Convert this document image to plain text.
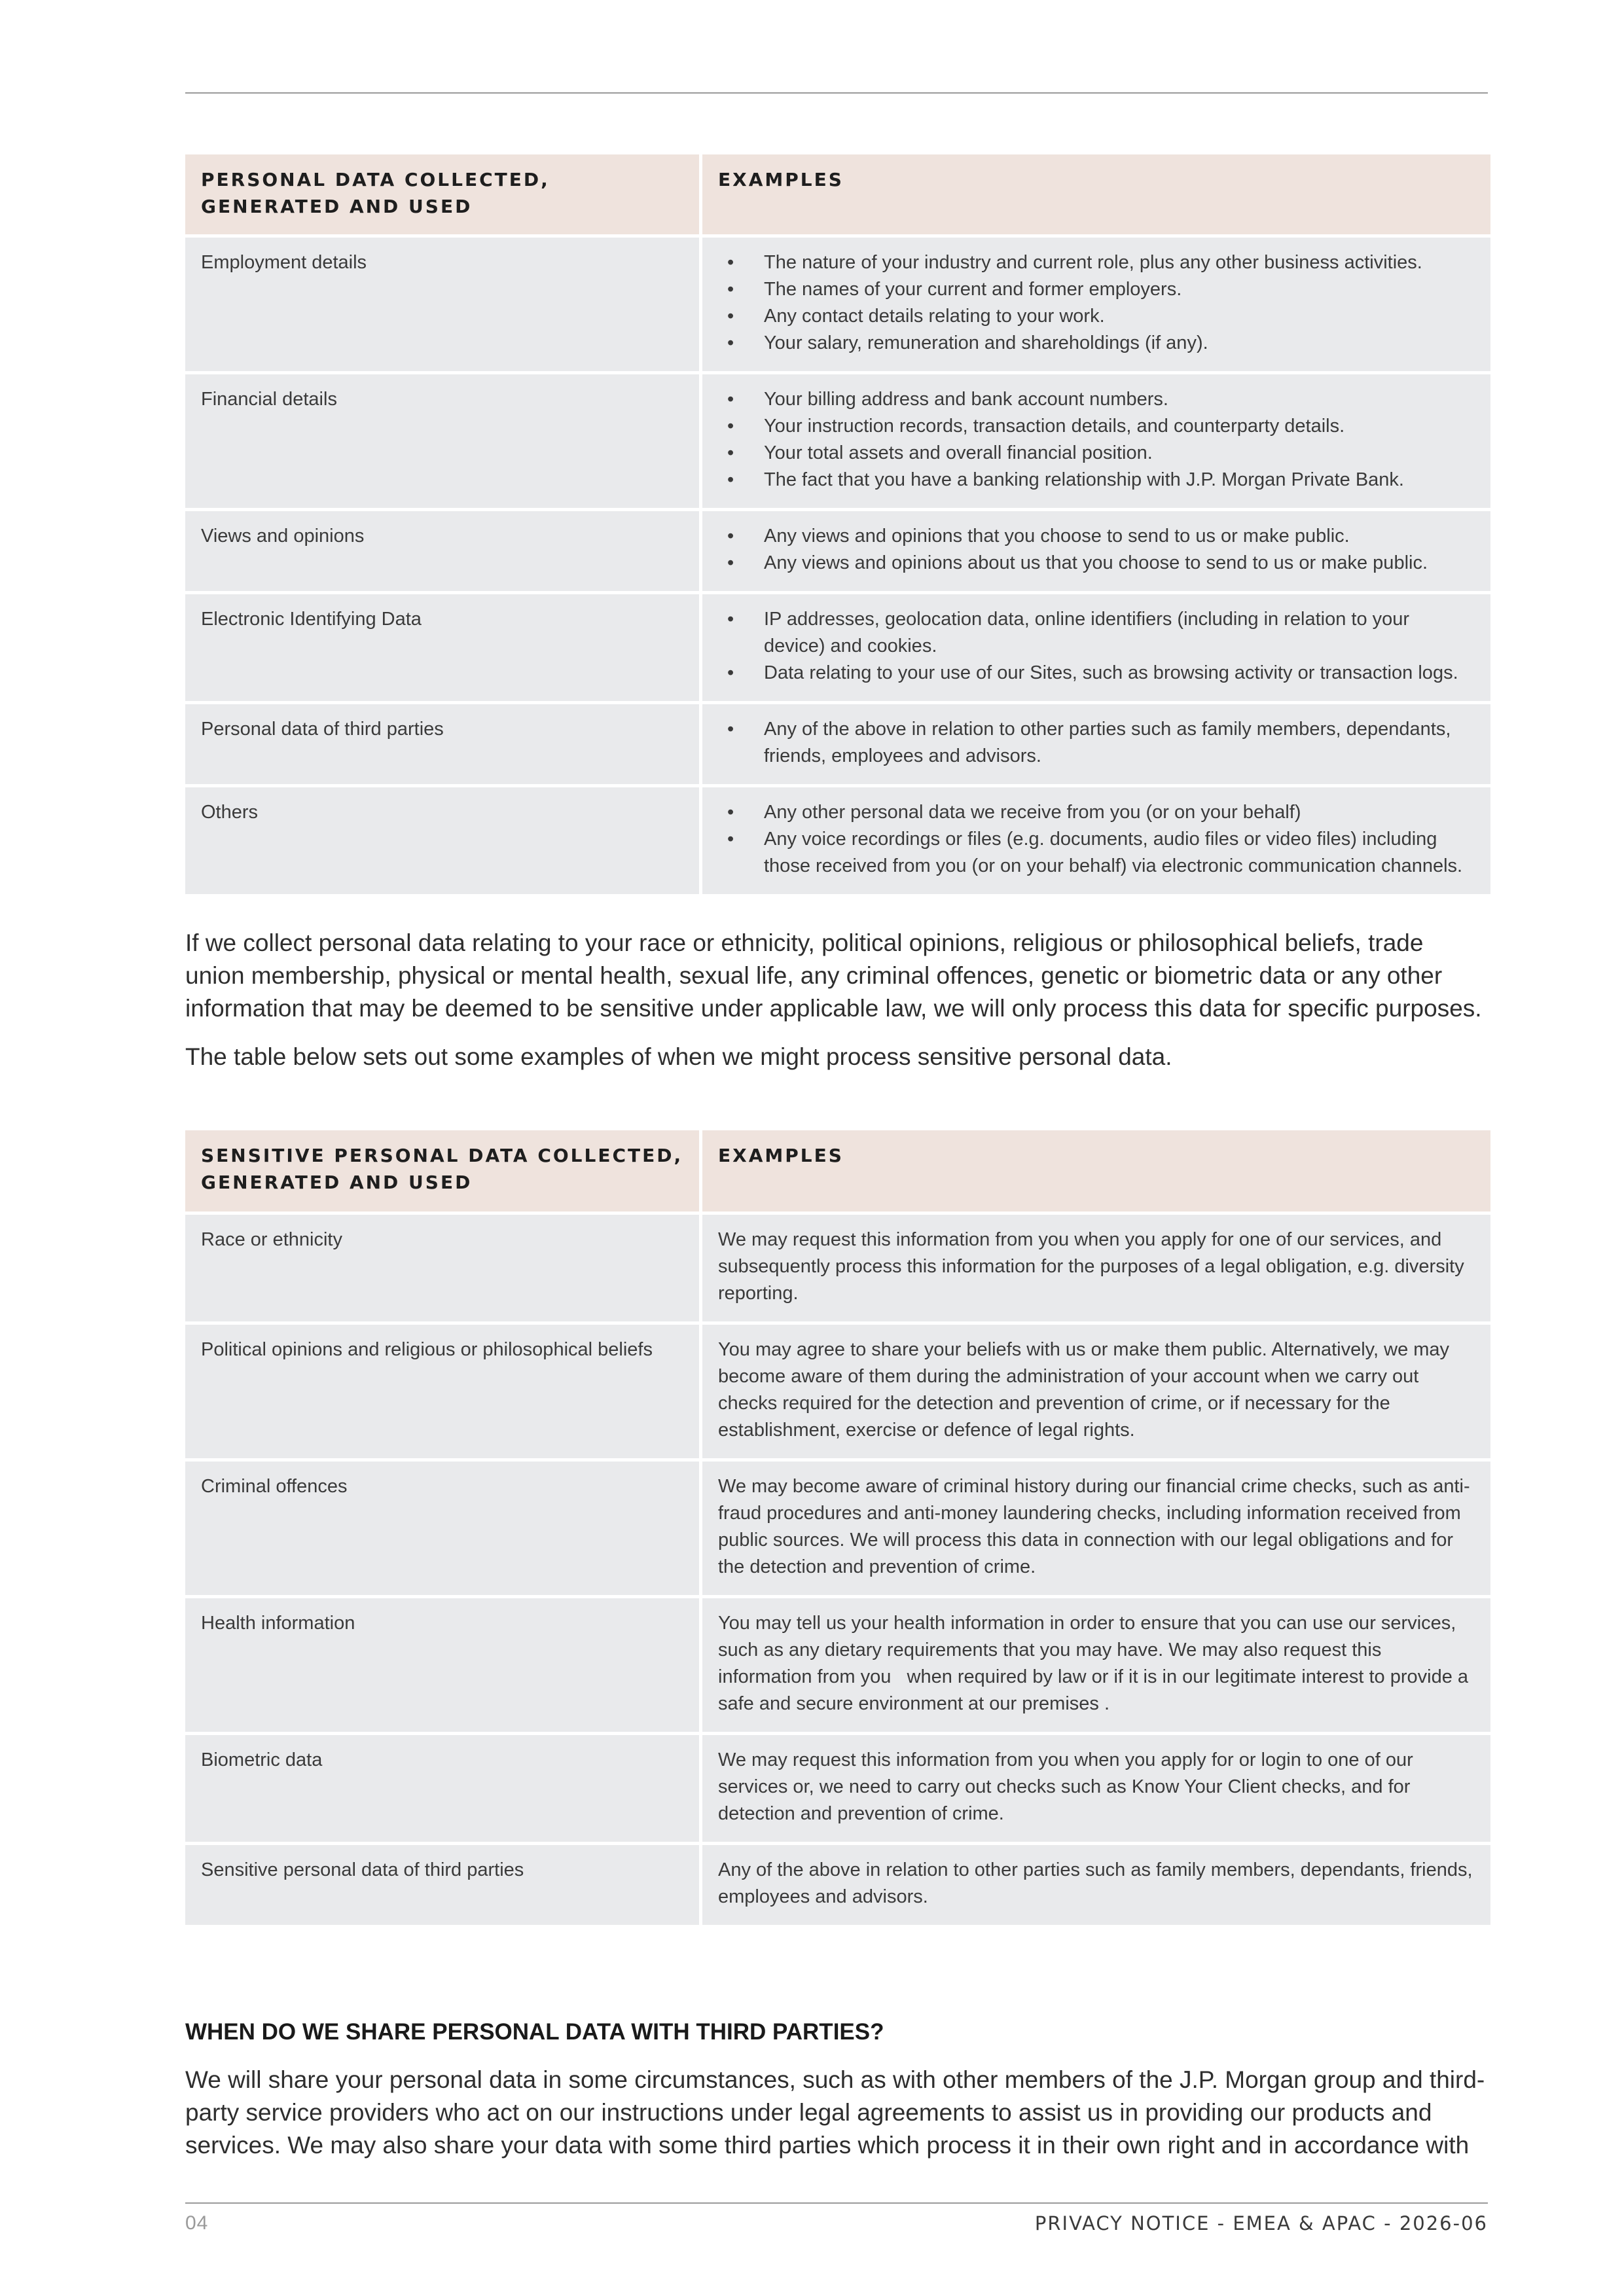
PERSONAL DATA COLLECTED, GENERATED AND USED
EXAMPLES
Employment details	• The nature of your industry and current role, plus any other business activities.
• The names of your current and former employers.
• Any contact details relating to your work.
• Your salary, remuneration and shareholdings (if any).
Financial details	• Your billing address and bank account numbers.
• Your instruction records, transaction details, and counterparty details.
• Your total assets and overall financial position.
• The fact that you have a banking relationship with J.P. Morgan Private Bank.
Views and opinions	• Any views and opinions that you choose to send to us or make public.
• Any views and opinions about us that you choose to send to us or make public.
Electronic Identifying Data	• IP addresses, geolocation data, online identifiers (including in relation to your device) and cookies.
• Data relating to your use of our Sites, such as browsing activity or transaction logs.
Personal data of third parties	• Any of the above in relation to other parties such as family members, dependants, friends, employees and advisors.
Others	• Any other personal data we receive from you (or on your behalf)
• Any voice recordings or files (e.g. documents, audio files or video files) including those received from you (or on your behalf) via electronic communication channels.

If we collect personal data relating to your race or ethnicity, political opinions, religious or philosophical beliefs, trade union membership, physical or mental health, sexual life, any criminal offences, genetic or biometric data or any other information that may be deemed to be sensitive under applicable law, we will only process this data for specific purposes.

The table below sets out some examples of when we might process sensitive personal data.

SENSITIVE PERSONAL DATA COLLECTED, GENERATED AND USED
EXAMPLES
Race or ethnicity	We may request this information from you when you apply for one of our services, and subsequently process this information for the purposes of a legal obligation, e.g. diversity reporting.
Political opinions and religious or philosophical beliefs	You may agree to share your beliefs with us or make them public. Alternatively, we may become aware of them during the administration of your account when we carry out checks required for the detection and prevention of crime, or if necessary for the establishment, exercise or defence of legal rights.
Criminal offences	We may become aware of criminal history during our financial crime checks, such as anti-fraud procedures and anti-money laundering checks, including information received from public sources. We will process this data in connection with our legal obligations and for the detection and prevention of crime.
Health information	You may tell us your health information in order to ensure that you can use our services, such as any dietary requirements that you may have. We may also request this information from you   when required by law or if it is in our legitimate interest to provide a safe and secure environment at our premises .
Biometric data	We may request this information from you when you apply for or login to one of our services or, we need to carry out checks such as Know Your Client checks, and for detection and prevention of crime.
Sensitive personal data of third parties	Any of the above in relation to other parties such as family members, dependants, friends, employees and advisors.
WHEN DO WE SHARE PERSONAL DATA WITH THIRD PARTIES?

We will share your personal data in some circumstances, such as with other members of the J.P. Morgan group and third-party service providers who act on our instructions under legal agreements to assist us in providing our products and services. We may also share your data with some third parties which process it in their own right and in accordance with

04	PRIVACY NOTICE - EMEA & APAC - 2026-06
